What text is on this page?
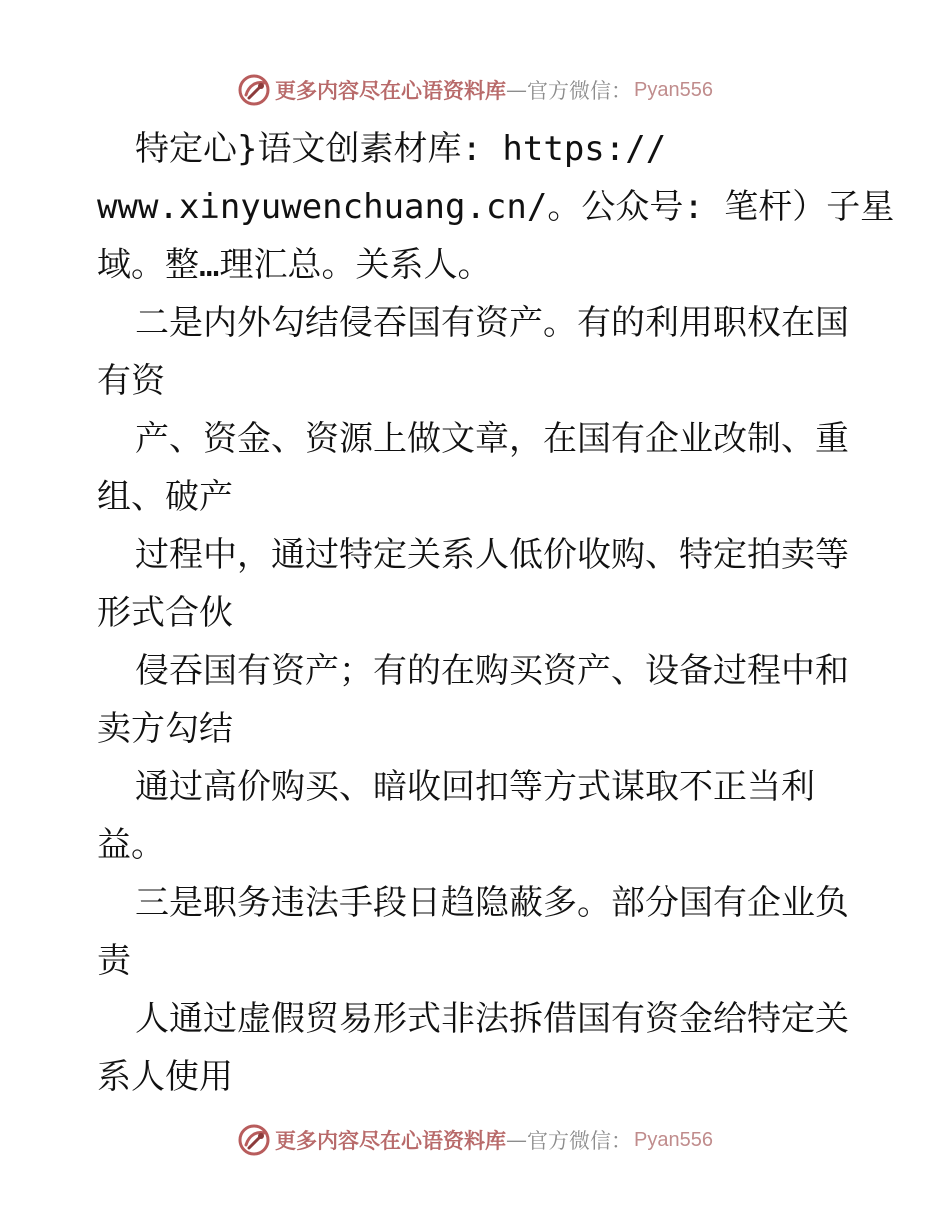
更多内容尽在心语资料库 — 官方微信： Pyan556
特定心}语文创素材库: https://
www.xinyuwenchuang.cn/。公众号: 笔杆）子星
域。整…理汇总。关系人。
二是内外勾结侵吞国有资产。有的利用职权在国
有资
产、资金、资源上做文章，在国有企业改制、重
组、破产
过程中，通过特定关系人低价收购、特定拍卖等
形式合伙
侵吞国有资产；有的在购买资产、设备过程中和
卖方勾结
通过高价购买、暗收回扣等方式谋取不正当利
益。
三是职务违法手段日趋隐蔽多。部分国有企业负
责
人通过虚假贸易形式非法拆借国有资金给特定关
系人使用
更多内容尽在心语资料库 — 官方微信： Pyan556
